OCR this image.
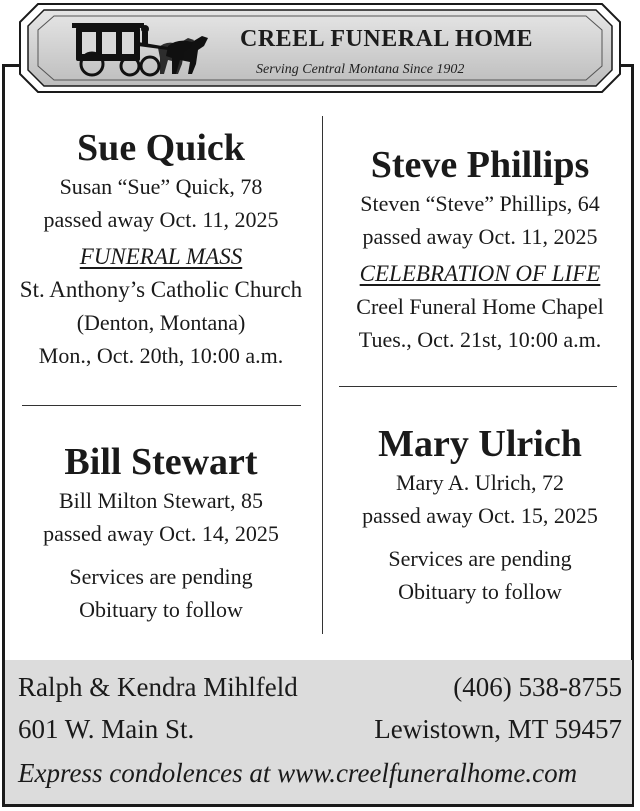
CREEL FUNERAL HOME
Serving Central Montana Since 1902
Sue Quick
Susan “Sue” Quick, 78
passed away Oct. 11, 2025
FUNERAL MASS
St. Anthony’s Catholic Church
(Denton, Montana)
Mon., Oct. 20th, 10:00 a.m.
Steve Phillips
Steven “Steve” Phillips, 64
passed away Oct. 11, 2025
CELEBRATION OF LIFE
Creel Funeral Home Chapel
Tues., Oct. 21st, 10:00 a.m.
Bill Stewart
Bill Milton Stewart, 85
passed away Oct. 14, 2025
Services are pending
Obituary to follow
Mary Ulrich
Mary A. Ulrich, 72
passed away Oct. 15, 2025
Services are pending
Obituary to follow
Ralph & Kendra Mihlfeld	(406) 538-8755
601 W. Main St.	Lewistown, MT 59457
Express condolences at www.creelfuneralhome.com
